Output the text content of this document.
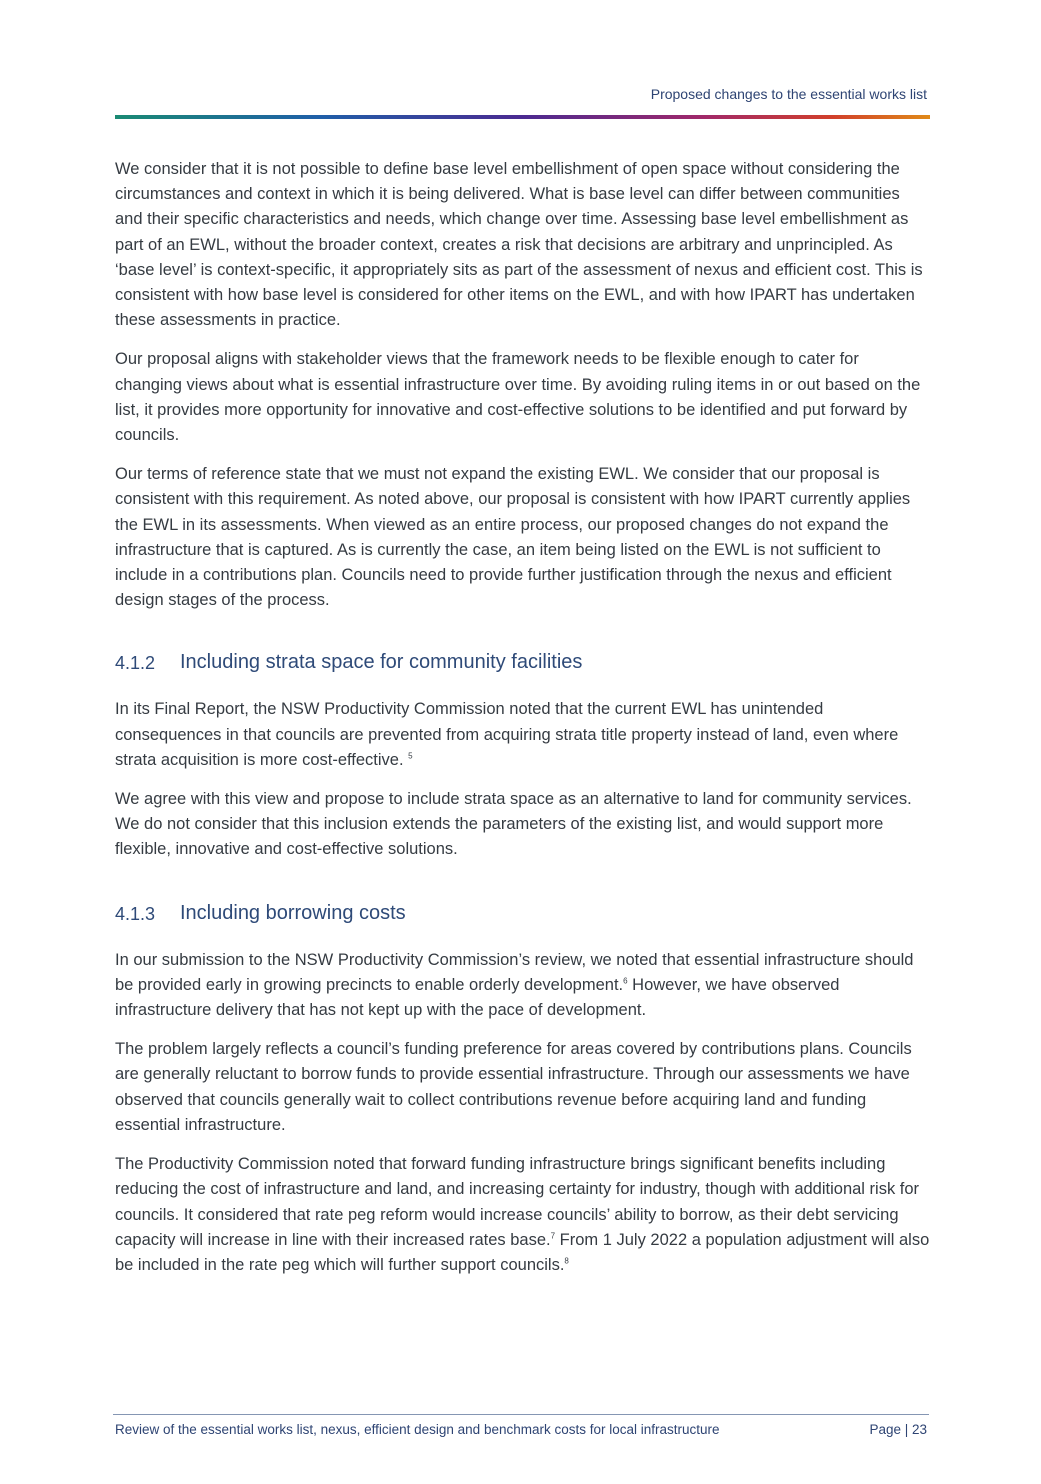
Proposed changes to the essential works list

We consider that it is not possible to define base level embellishment of open space without considering the circumstances and context in which it is being delivered. What is base level can differ between communities and their specific characteristics and needs, which change over time. Assessing base level embellishment as part of an EWL, without the broader context, creates a risk that decisions are arbitrary and unprincipled. As ‘base level’ is context-specific, it appropriately sits as part of the assessment of nexus and efficient cost. This is consistent with how base level is considered for other items on the EWL, and with how IPART has undertaken these assessments in practice.

Our proposal aligns with stakeholder views that the framework needs to be flexible enough to cater for changing views about what is essential infrastructure over time. By avoiding ruling items in or out based on the list, it provides more opportunity for innovative and cost-effective solutions to be identified and put forward by councils.

Our terms of reference state that we must not expand the existing EWL. We consider that our proposal is consistent with this requirement. As noted above, our proposal is consistent with how IPART currently applies the EWL in its assessments. When viewed as an entire process, our proposed changes do not expand the infrastructure that is captured. As is currently the case, an item being listed on the EWL is not sufficient to include in a contributions plan. Councils need to provide further justification through the nexus and efficient design stages of the process.

4.1.2	Including strata space for community facilities

In its Final Report, the NSW Productivity Commission noted that the current EWL has unintended consequences in that councils are prevented from acquiring strata title property instead of land, even where strata acquisition is more cost-effective. $^5$

We agree with this view and propose to include strata space as an alternative to land for community services. We do not consider that this inclusion extends the parameters of the existing list, and would support more flexible, innovative and cost-effective solutions.

4.1.3	Including borrowing costs

In our submission to the NSW Productivity Commission’s review, we noted that essential infrastructure should be provided early in growing precincts to enable orderly development.$^6$ However, we have observed infrastructure delivery that has not kept up with the pace of development.

The problem largely reflects a council’s funding preference for areas covered by contributions plans. Councils are generally reluctant to borrow funds to provide essential infrastructure. Through our assessments we have observed that councils generally wait to collect contributions revenue before acquiring land and funding essential infrastructure.

The Productivity Commission noted that forward funding infrastructure brings significant benefits including reducing the cost of infrastructure and land, and increasing certainty for industry, though with additional risk for councils. It considered that rate peg reform would increase councils’ ability to borrow, as their debt servicing capacity will increase in line with their increased rates base.$^7$ From 1 July 2022 a population adjustment will also be included in the rate peg which will further support councils.$^8$

Review of the essential works list, nexus, efficient design and benchmark costs for local infrastructure	Page | 23
